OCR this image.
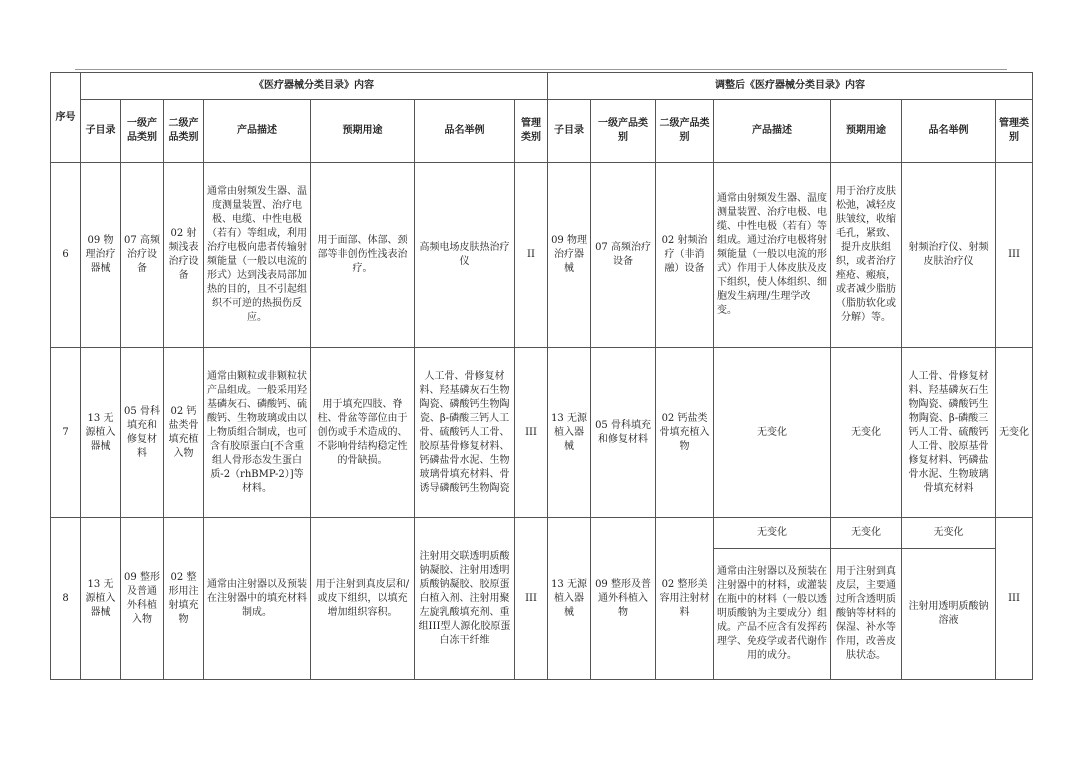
序号	《医疗器械分类目录》内容							调整后《医疗器械分类目录》内容						
	子目录	一级产品类别	二级产品类别	产品描述	预期用途	品名举例	管理类别	子目录	一级产品类别	二级产品类别	产品描述	预期用途	品名举例	管理类别
6	09 物理治疗器械	07 高频治疗设备	02 射频浅表治疗设备	通常由射频发生器、温度测量装置、治疗电极、电缆、中性电极（若有）等组成，利用治疗电极向患者传输射频能量（一般以电流的形式）达到浅表局部加热的目的，且不引起组织不可逆的热损伤反应。	用于面部、体部、颈部等非创伤性浅表治疗。	高频电场皮肤热治疗仪	II	09 物理治疗器械	07 高频治疗设备	02 射频治疗（非消融）设备	通常由射频发生器、温度测量装置、治疗电极、电缆、中性电极（若有）等组成。通过治疗电极将射频能量（一般以电流的形式）作用于人体皮肤及皮下组织，使人体组织、细胞发生病理/生理学改变。	用于治疗皮肤松弛，减轻皮肤皱纹，收缩毛孔，紧致、提升皮肤组织，或者治疗痤疮、瘢痕，或者减少脂肪（脂肪软化或分解）等。	射频治疗仪、射频皮肤治疗仪	III
7	13 无源植入器械	05 骨科填充和修复材料	02 钙盐类骨填充植入物	通常由颗粒或非颗粒状产品组成。一般采用羟基磷灰石、磷酸钙、硫酸钙、生物玻璃或由以上物质组合制成，也可含有胶原蛋白[不含重组人骨形态发生蛋白质-2（rhBMP-2）]等材料。	用于填充四肢、脊柱、骨盆等部位由于创伤或手术造成的、不影响骨结构稳定性的骨缺损。	人工骨、骨修复材料、羟基磷灰石生物陶瓷、磷酸钙生物陶瓷、β-磷酸三钙人工骨、硫酸钙人工骨、胶原基骨修复材料、钙磷盐骨水泥、生物玻璃骨填充材料、骨诱导磷酸钙生物陶瓷	III	13 无源植入器械	05 骨科填充和修复材料	02 钙盐类骨填充植入物	无变化	无变化	人工骨、骨修复材料、羟基磷灰石生物陶瓷、磷酸钙生物陶瓷、β-磷酸三钙人工骨、硫酸钙人工骨、胶原基骨修复材料、钙磷盐骨水泥、生物玻璃骨填充材料	无变化
8	13 无源植入器械	09 整形及普通外科植入物	02 整形用注射填充物	通常由注射器以及预装在注射器中的填充材料制成。	用于注射到真皮层和/或皮下组织，以填充增加组织容积。	注射用交联透明质酸钠凝胶、注射用透明质酸钠凝胶、胶原蛋白植入剂、注射用聚左旋乳酸填充剂、重组III型人源化胶原蛋白冻干纤维	III	13 无源植入器械	09 整形及普通外科植入物	02 整形美容用注射材料	无变化	无变化	无变化	III
											通常由注射器以及预装在注射器中的材料，或灌装在瓶中的材料（一般以透明质酸钠为主要成分）组成。产品不应含有发挥药理学、免疫学或者代谢作用的成分。	用于注射到真皮层，主要通过所含透明质酸钠等材料的保湿、补水等作用，改善皮肤状态。	注射用透明质酸钠溶液	
